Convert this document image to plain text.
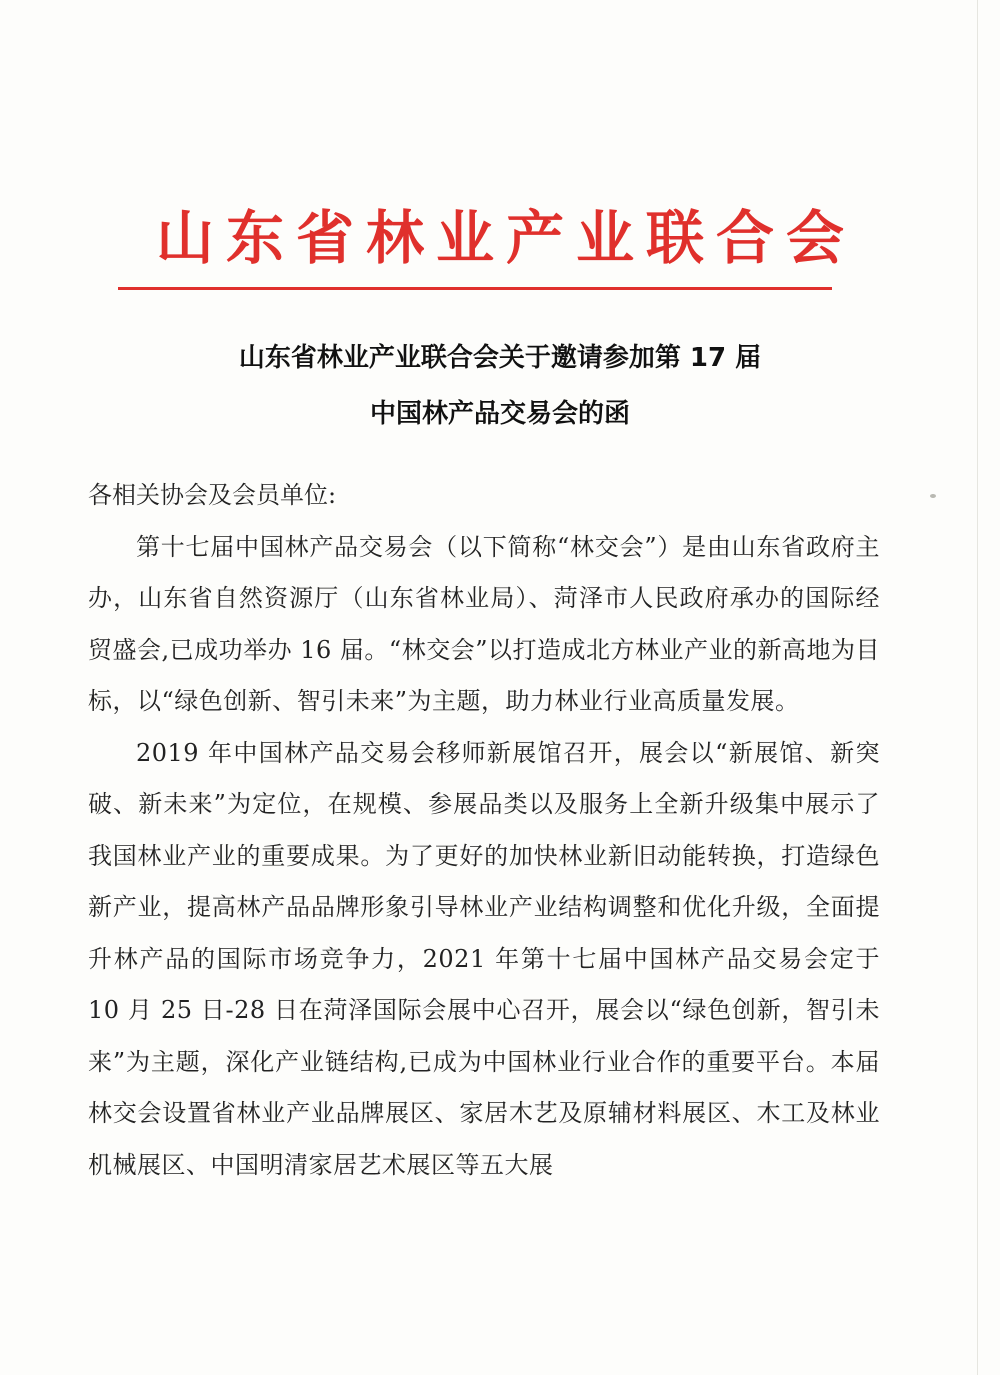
山东省林业产业联合会
山东省林业产业联合会关于邀请参加第 17 届
中国林产品交易会的函

各相关协会及会员单位:

第十七届中国林产品交易会（以下简称“林交会”）是由山东省政府主办，山东省自然资源厅（山东省林业局）、菏泽市人民政府承办的国际经贸盛会,已成功举办 16 届。“林交会”以打造成北方林业产业的新高地为目标，以“绿色创新、智引未来”为主题，助力林业行业高质量发展。

2019 年中国林产品交易会移师新展馆召开，展会以“新展馆、新突破、新未来”为定位，在规模、参展品类以及服务上全新升级集中展示了我国林业产业的重要成果。为了更好的加快林业新旧动能转换，打造绿色新产业，提高林产品品牌形象引导林业产业结构调整和优化升级，全面提升林产品的国际市场竞争力，2021 年第十七届中国林产品交易会定于 10 月 25 日-28 日在菏泽国际会展中心召开，展会以“绿色创新，智引未来”为主题，深化产业链结构,已成为中国林业行业合作的重要平台。本届林交会设置省林业产业品牌展区、家居木艺及原辅材料展区、木工及林业机械展区、中国明清家居艺术展区等五大展
